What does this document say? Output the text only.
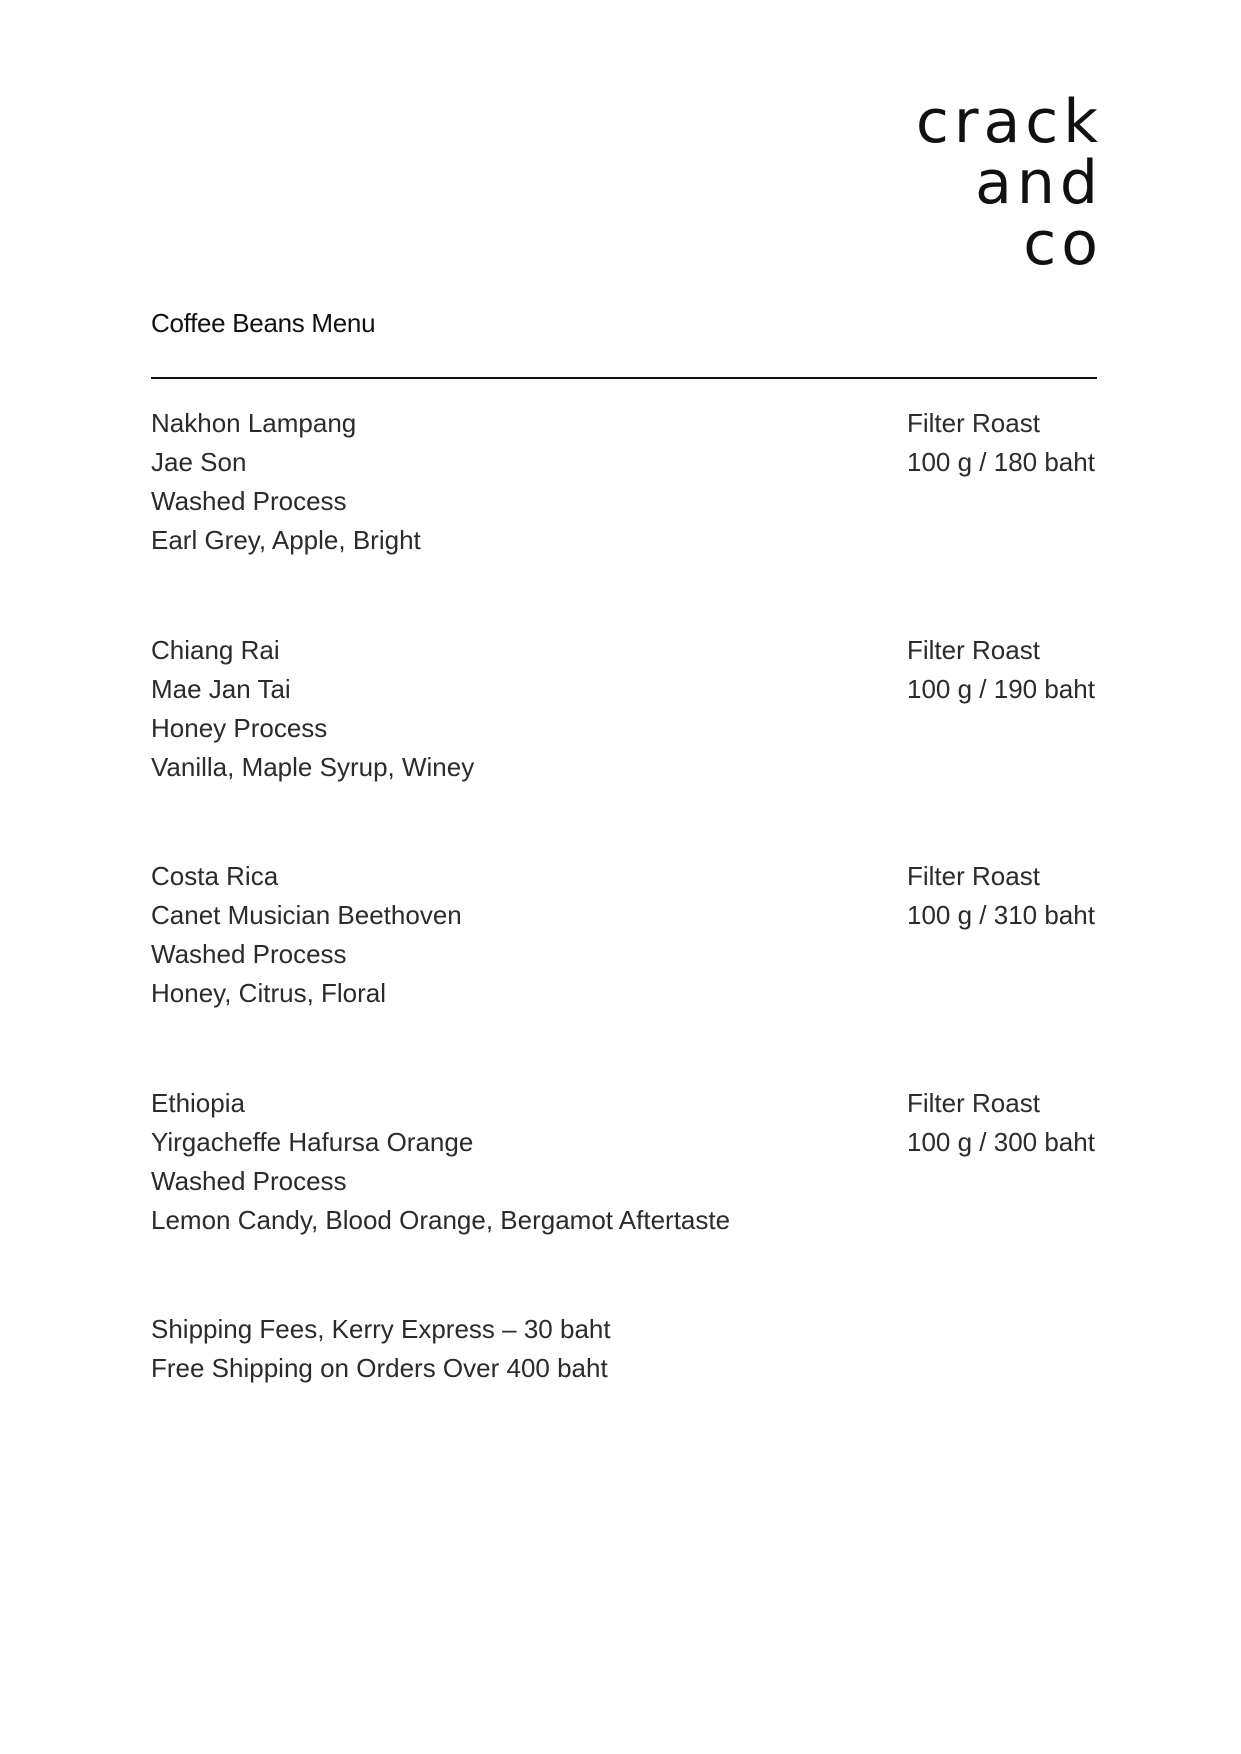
crack
and
co
Coffee Beans Menu
Nakhon Lampang
Jae Son
Washed Process
Earl Grey, Apple, Bright
Filter Roast
100 g / 180 baht
Chiang Rai
Mae Jan Tai
Honey Process
Vanilla, Maple Syrup, Winey
Filter Roast
100 g / 190 baht
Costa Rica
Canet Musician Beethoven
Washed Process
Honey, Citrus, Floral
Filter Roast
100 g / 310 baht
Ethiopia
Yirgacheffe Hafursa Orange
Washed Process
Lemon Candy, Blood Orange, Bergamot Aftertaste
Filter Roast
100 g / 300 baht
Shipping Fees, Kerry Express – 30 baht
Free Shipping on Orders Over 400 baht
